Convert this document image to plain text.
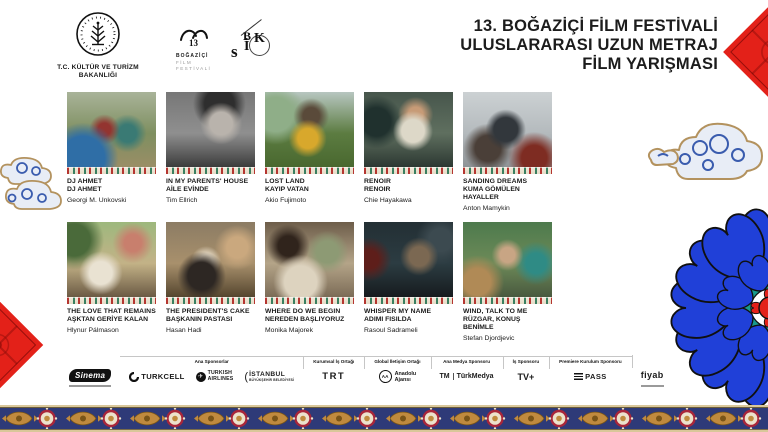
T.C. KÜLTÜR VE TURİZM
BAKANLIĞI
13
BOĞAZİÇİ
FİLM
FESTİVALİ
s
B K
İ
13. BOĞAZİÇİ FİLM FESTİVALİ
ULUSLARARASI UZUN METRAJ
FİLM YARIŞMASI
DJ AHMET
DJ AHMET
Georgi M. Unkovski
IN MY PARENTS' HOUSE
AİLE EVİNDE
Tim Ellrich
LOST LAND
KAYIP VATAN
Akio Fujimoto
RENOIR
RENOIR
Chie Hayakawa
SANDING DREAMS
KUMA GÖMÜLEN HAYALLER
Anton Mamykin
THE LOVE THAT REMAINS
AŞKTAN GERİYE KALAN
Hlynur Pálmason
THE PRESIDENT'S CAKE
BAŞKANIN PASTASI
Hasan Hadi
WHERE DO WE BEGIN
NEREDEN BAŞLIYORUZ
Monika Majorek
WHISPER MY NAME
ADIMI FISILDA
Rasoul Sadrameli
WIND, TALK TO ME
RÜZGAR, KONUŞ BENİMLE
Stefan Djordjevic
Sinema
Ana Sponsorlar
TURKCELL	✈
TURKISH
AIRLINES ( İSTANBUL
BÜYÜKŞEHİR BELEDİYESİ
Kurumsal İş Ortağı
TRT
Global İletişim Ortağı
AA	Anadolu
Ajansı
Ana Medya Sponsoru
TM	TürkMedya
İş Sponsoru
TV+
Premiere Kurulum Sponsoru
PASS	fiyab
